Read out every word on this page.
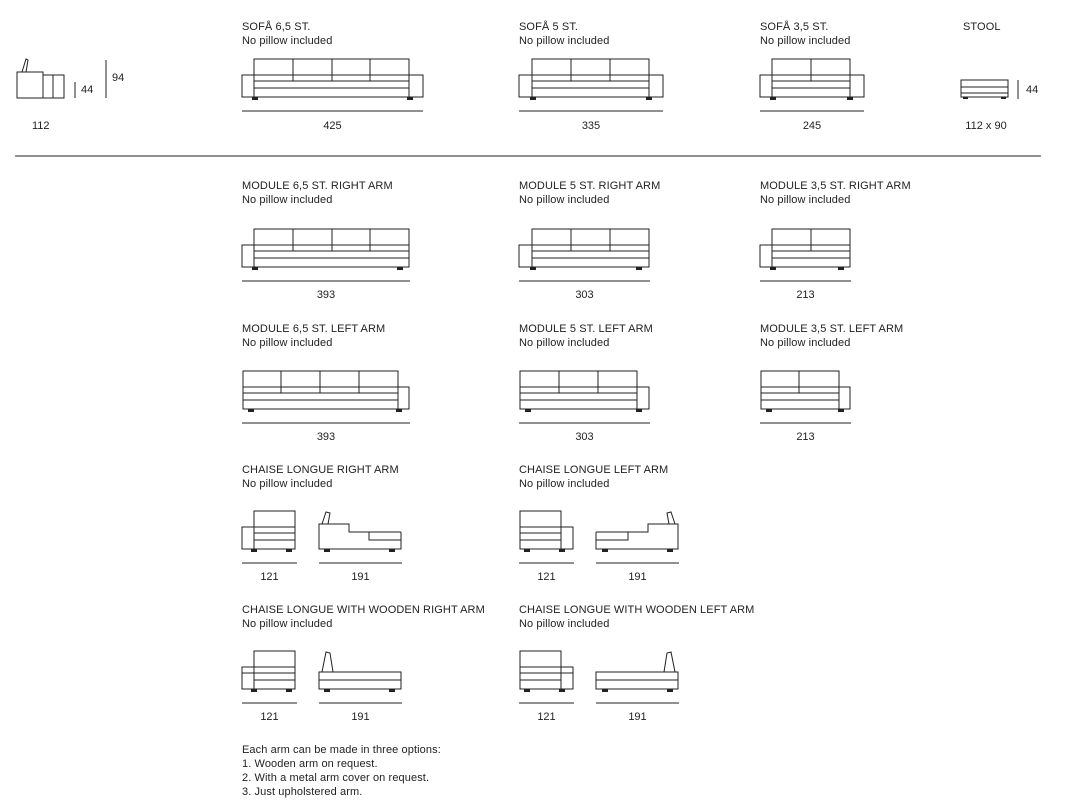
44
94
112
SOFÅ 6,5 ST.
No pillow included
425
SOFÅ 5 ST.
No pillow included
335
SOFÅ 3,5 ST.
No pillow included
245
STOOL
44
112 x 90
MODULE 6,5 ST. RIGHT ARM
No pillow included
393
MODULE 5 ST. RIGHT ARM
No pillow included
303
MODULE 3,5 ST. RIGHT ARM
No pillow included
213
MODULE 6,5 ST. LEFT ARM
No pillow included
393
MODULE 5 ST. LEFT ARM
No pillow included
303
MODULE 3,5 ST. LEFT ARM
No pillow included
213
CHAISE LONGUE RIGHT ARM
No pillow included
121	191
CHAISE LONGUE LEFT ARM
No pillow included
121	191
CHAISE LONGUE WITH WOODEN RIGHT ARM
No pillow included
121	191
CHAISE LONGUE WITH WOODEN LEFT ARM
No pillow included
121	191
Each arm can be made in three options:
1. Wooden arm on request.
2. With a metal arm cover on request.
3. Just upholstered arm.
